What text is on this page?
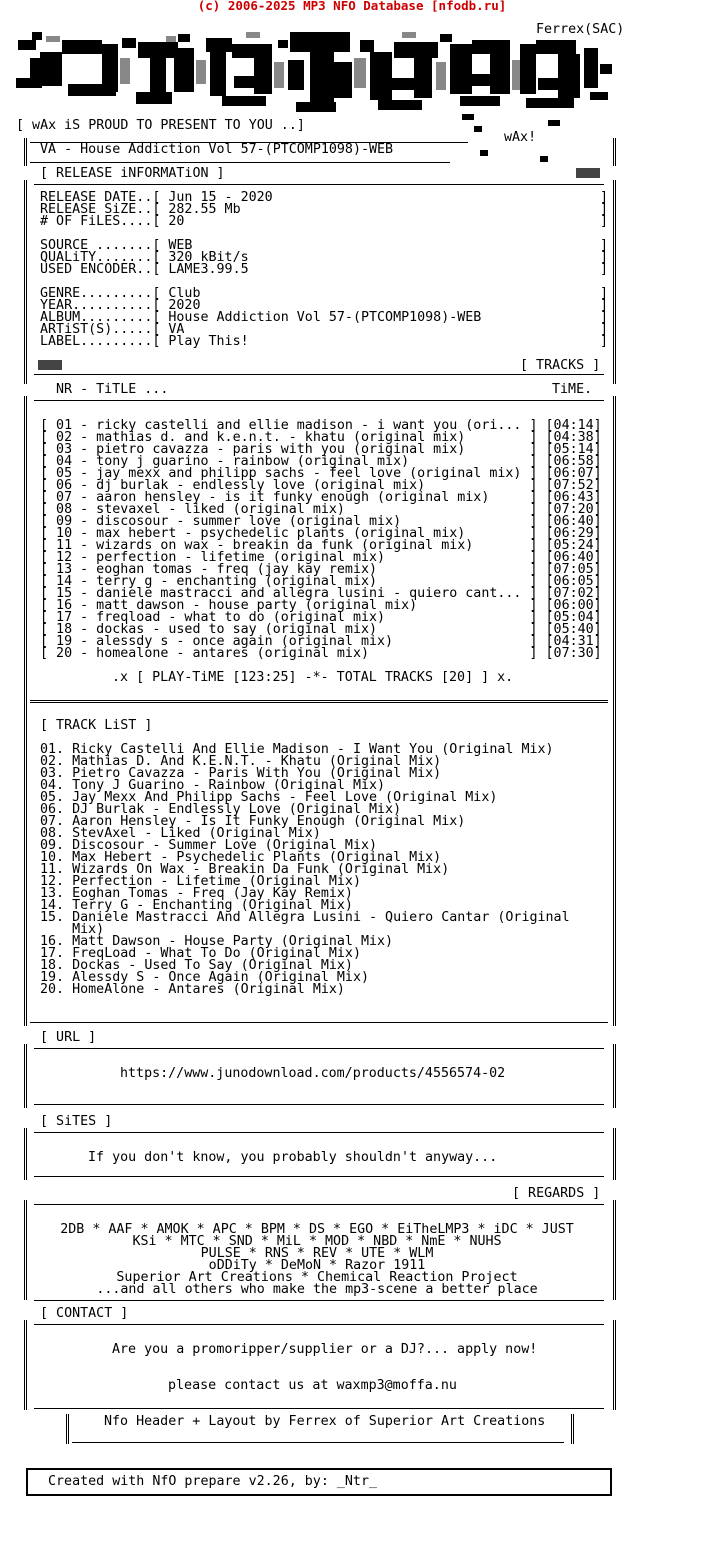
(c) 2006-2025 MP3 NFO Database [nfodb.ru]
Ferrex(SAC)
[ wAx iS PROUD TO PRESENT TO YOU ..]
wAx!
VA - House Addiction Vol 57-(PTCOMP1098)-WEB
[ RELEASE iNFORMATiON ]
RELEASE DATE..[ Jun 15 - 2020
RELEASE SiZE..[ 282.55 Mb
# OF FiLES....[ 20
SOURCE .......[ WEB
QUALiTY.......[ 320 kBit/s
USED ENCODER..[ LAME3.99.5
GENRE.........[ Club
YEAR..........[ 2020
ALBUM.........[ House Addiction Vol 57-(PTCOMP1098)-WEB
ARTiST(S).....[ VA
LABEL.........[ Play This!
]
]
]
]
]
]
]
]
]
]
]
[ TRACKS ]
NR - TiTLE ...	TiME.
[ 01 - ricky castelli and ellie madison - i want you (ori... ] [04:14]
[ 02 - mathias d. and k.e.n.t. - khatu (original mix)        ] [04:38]
[ 03 - pietro cavazza - paris with you (original mix)        ] [05:14]
[ 04 - tony j guarino - rainbow (original mix)               ] [06:58]
[ 05 - jay mexx and philipp sachs - feel love (original mix) ] [06:07]
[ 06 - dj burlak - endlessly love (original mix)             ] [07:52]
[ 07 - aaron hensley - is it funky enough (original mix)     ] [06:43]
[ 08 - stevaxel - liked (original mix)                       ] [07:20]
[ 09 - discosour - summer love (original mix)                ] [06:40]
[ 10 - max hebert - psychedelic plants (original mix)        ] [06:29]
[ 11 - wizards on wax - breakin da funk (original mix)       ] [05:24]
[ 12 - perfection - lifetime (original mix)                  ] [06:40]
[ 13 - eoghan tomas - freq (jay kay remix)                   ] [07:05]
[ 14 - terry g - enchanting (original mix)                   ] [06:05]
[ 15 - daniele mastracci and allegra lusini - quiero cant... ] [07:02]
[ 16 - matt dawson - house party (original mix)              ] [06:00]
[ 17 - freqload - what to do (original mix)                  ] [05:04]
[ 18 - dockas - used to say (original mix)                   ] [05:40]
[ 19 - alessdy s - once again (original mix)                 ] [04:31]
[ 20 - homealone - antares (original mix)                    ] [07:30]
.x [ PLAY-TiME [123:25] -*- TOTAL TRACKS [20] ] x.
[ TRACK LiST ]
01. Ricky Castelli And Ellie Madison - I Want You (Original Mix)
02. Mathias D. And K.E.N.T. - Khatu (Original Mix)
03. Pietro Cavazza - Paris With You (Original Mix)
04. Tony J Guarino - Rainbow (Original Mix)
05. Jay Mexx And Philipp Sachs - Feel Love (Original Mix)
06. DJ Burlak - Endlessly Love (Original Mix)
07. Aaron Hensley - Is It Funky Enough (Original Mix)
08. StevAxel - Liked (Original Mix)
09. Discosour - Summer Love (Original Mix)
10. Max Hebert - Psychedelic Plants (Original Mix)
11. Wizards On Wax - Breakin Da Funk (Original Mix)
12. Perfection - Lifetime (Original Mix)
13. Eoghan Tomas - Freq (Jay Kay Remix)
14. Terry G - Enchanting (Original Mix)
15. Daniele Mastracci And Allegra Lusini - Quiero Cantar (Original
Mix)
16. Matt Dawson - House Party (Original Mix)
17. FreqLoad - What To Do (Original Mix)
18. Dockas - Used To Say (Original Mix)
19. Alessdy S - Once Again (Original Mix)
20. HomeAlone - Antares (Original Mix)
[ URL ]
https://www.junodownload.com/products/4556574-02
[ SiTES ]
If you don't know, you probably shouldn't anyway...
[ REGARDS ]
2DB * AAF * AMOK * APC * BPM * DS * EGO * EiTheLMP3 * iDC * JUST
KSi * MTC * SND * MiL * MOD * NBD * NmE * NUHS
PULSE * RNS * REV * UTE * WLM
oDDiTy * DeMoN * Razor 1911
Superior Art Creations * Chemical Reaction Project
...and all others who make the mp3-scene a better place
[ CONTACT ]
Are you a promoripper/supplier or a DJ?... apply now!
please contact us at waxmp3@moffa.nu
Nfo Header + Layout by Ferrex of Superior Art Creations
Created with NfO prepare v2.26, by: _Ntr_
